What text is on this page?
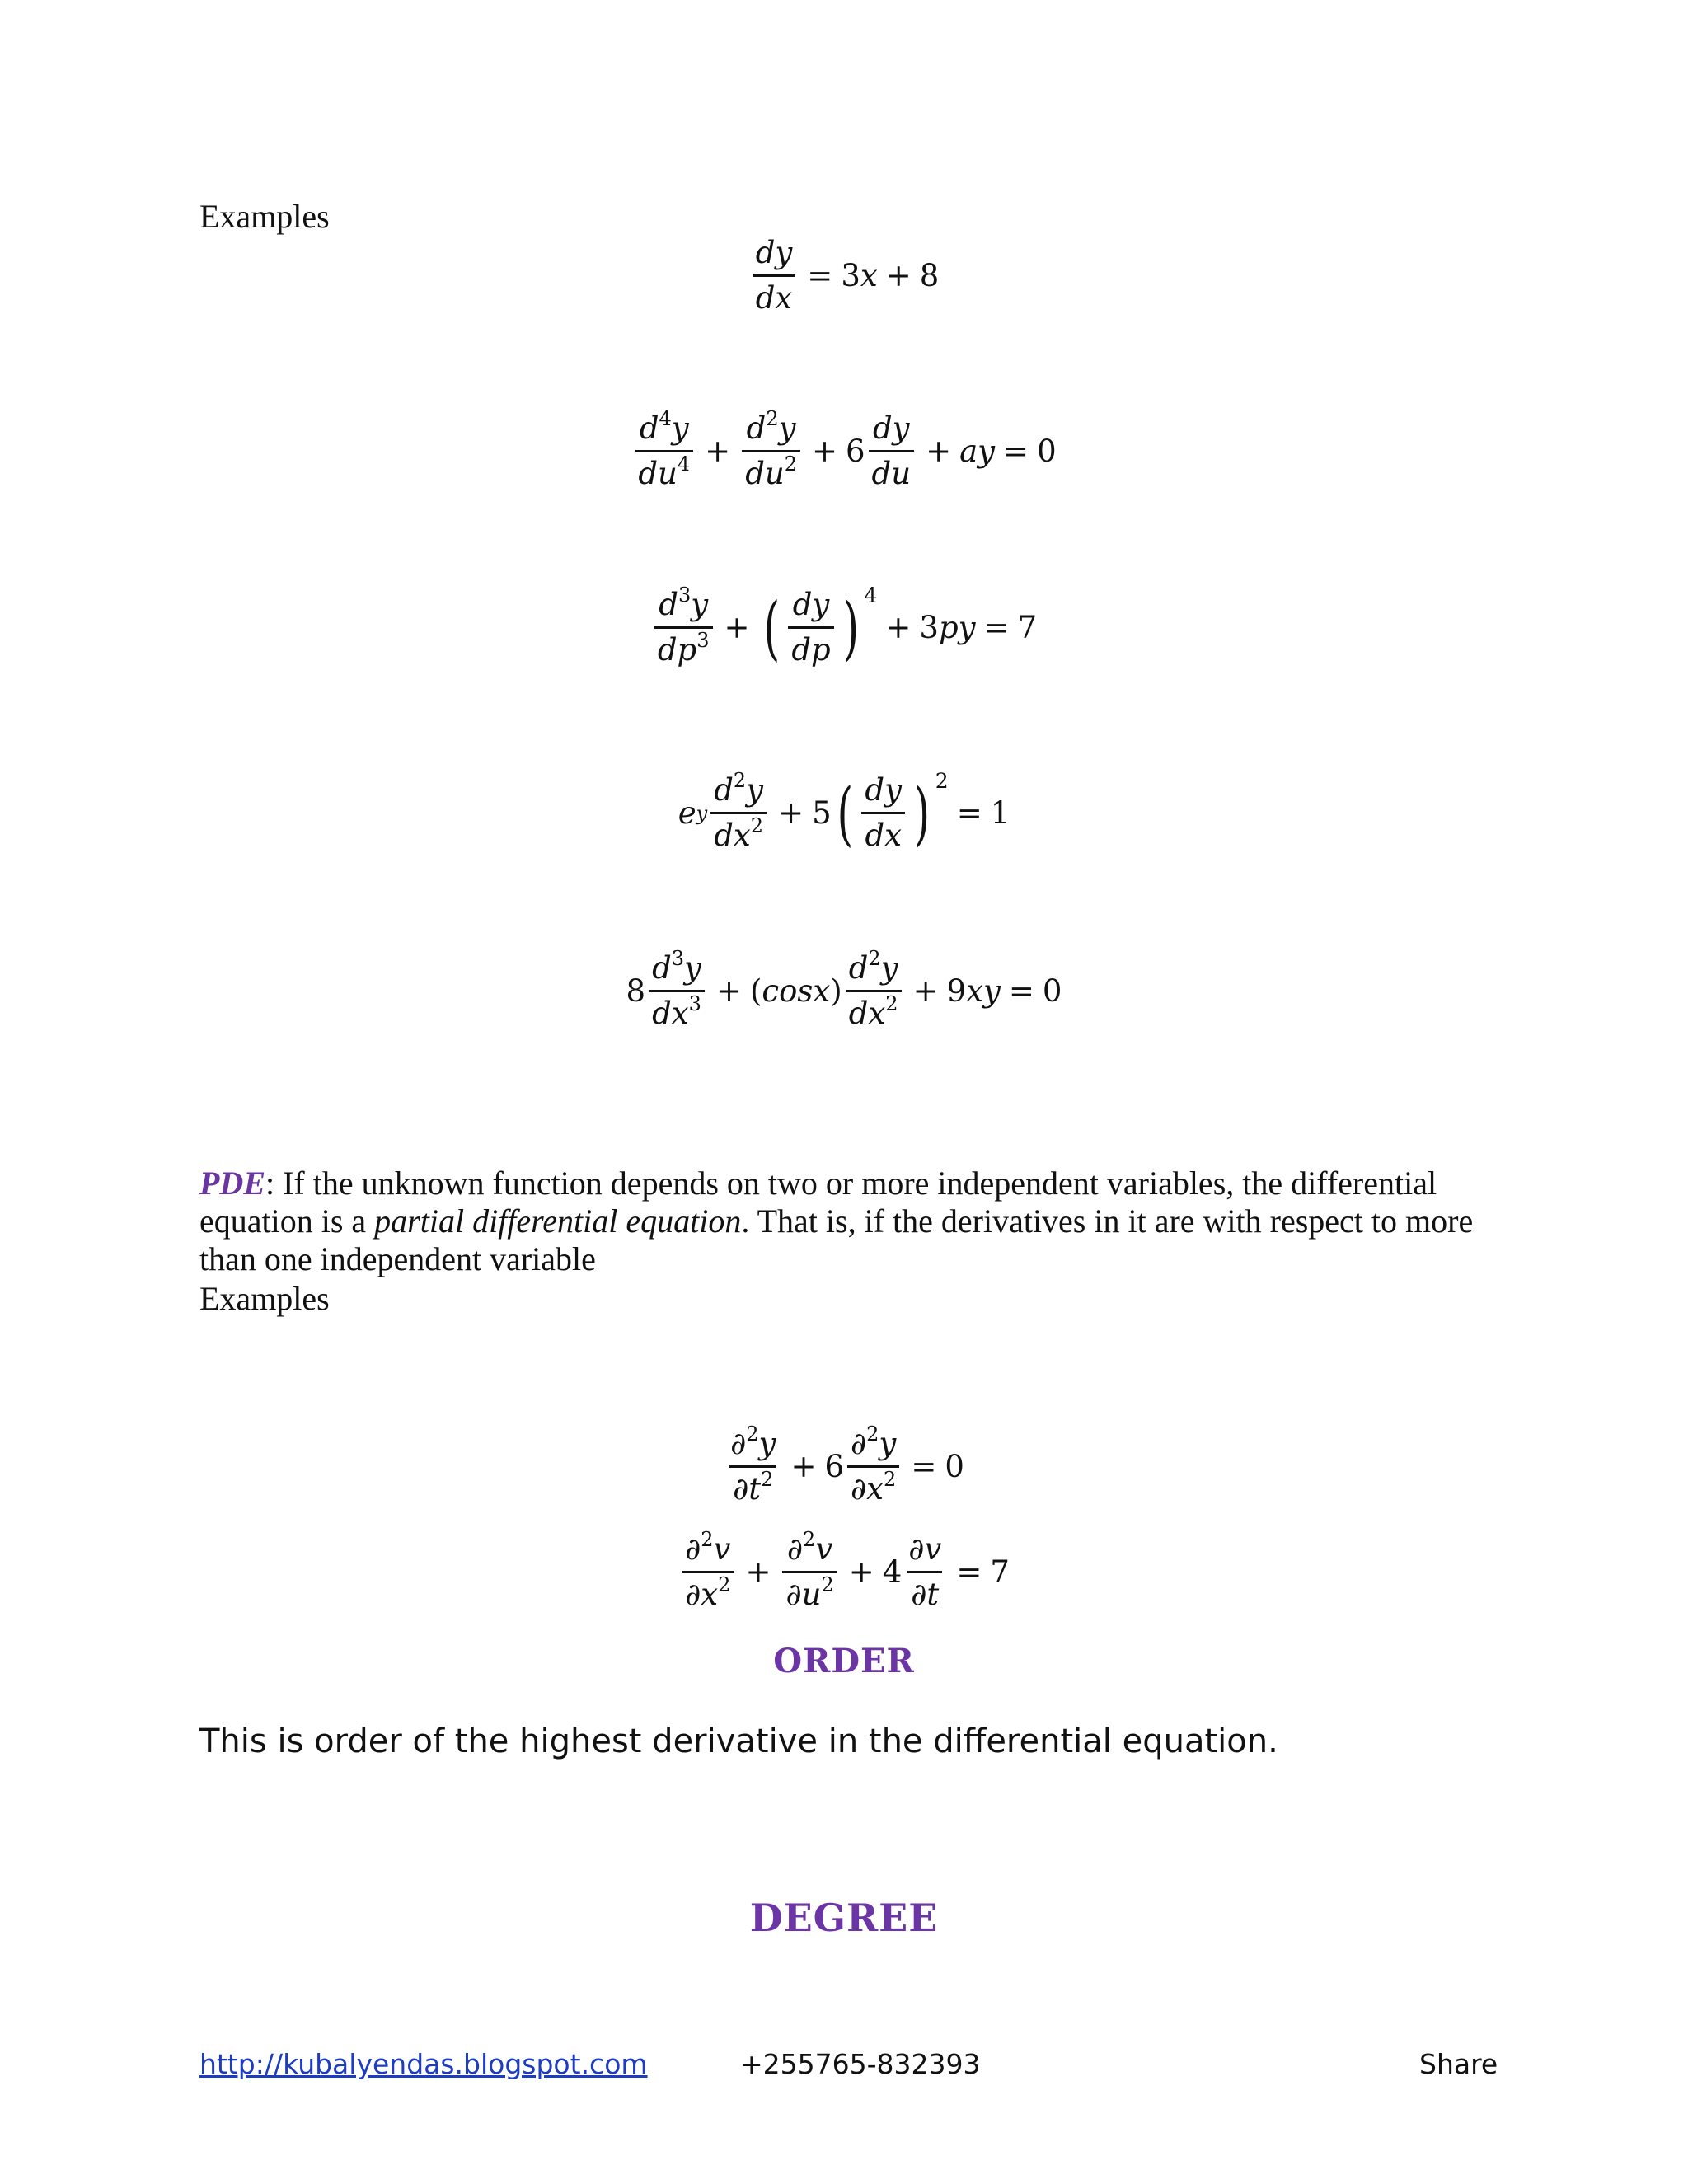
Examples
$\frac{dy}{dx} = 3$ x + 8
$\frac{d^4y}{du^4} + \frac{d^2y}{du^2} + 6 \frac{dy}{du}$ + ay = 0
$\frac{d^3y}{dp^3}$ + ( $\frac{dy}{dp}$ ) 4
+ 3 py = 7
e y $\frac{d^2y}{dx^2} + 5$ ( $\frac{dy}{dx}$ ) 2
= 1
$8 \frac{d^3y}{dx^3}$ + ( cosx ) $\frac{d^2y}{dx^2} + 9$ xy = 0
PDE: If the unknown function depends on two or more independent variables, the differential equation is a partial differential equation. That is, if the derivatives in it are with respect to more than one independent variable
Examples
$\frac{\partial^2y}{\partial t^2} + 6 \frac{\partial^2y}{\partial x^2} = 0$
$\frac{\partial^2v}{\partial x^2} + \frac{\partial^2v}{\partial u^2} + 4 \frac{\partial v}{\partial t} = 7$
ORDER
This is order of the highest derivative in the differential equation.
DEGREE
http://kubalyendas.blogspot.com	+255765-832393	Share
